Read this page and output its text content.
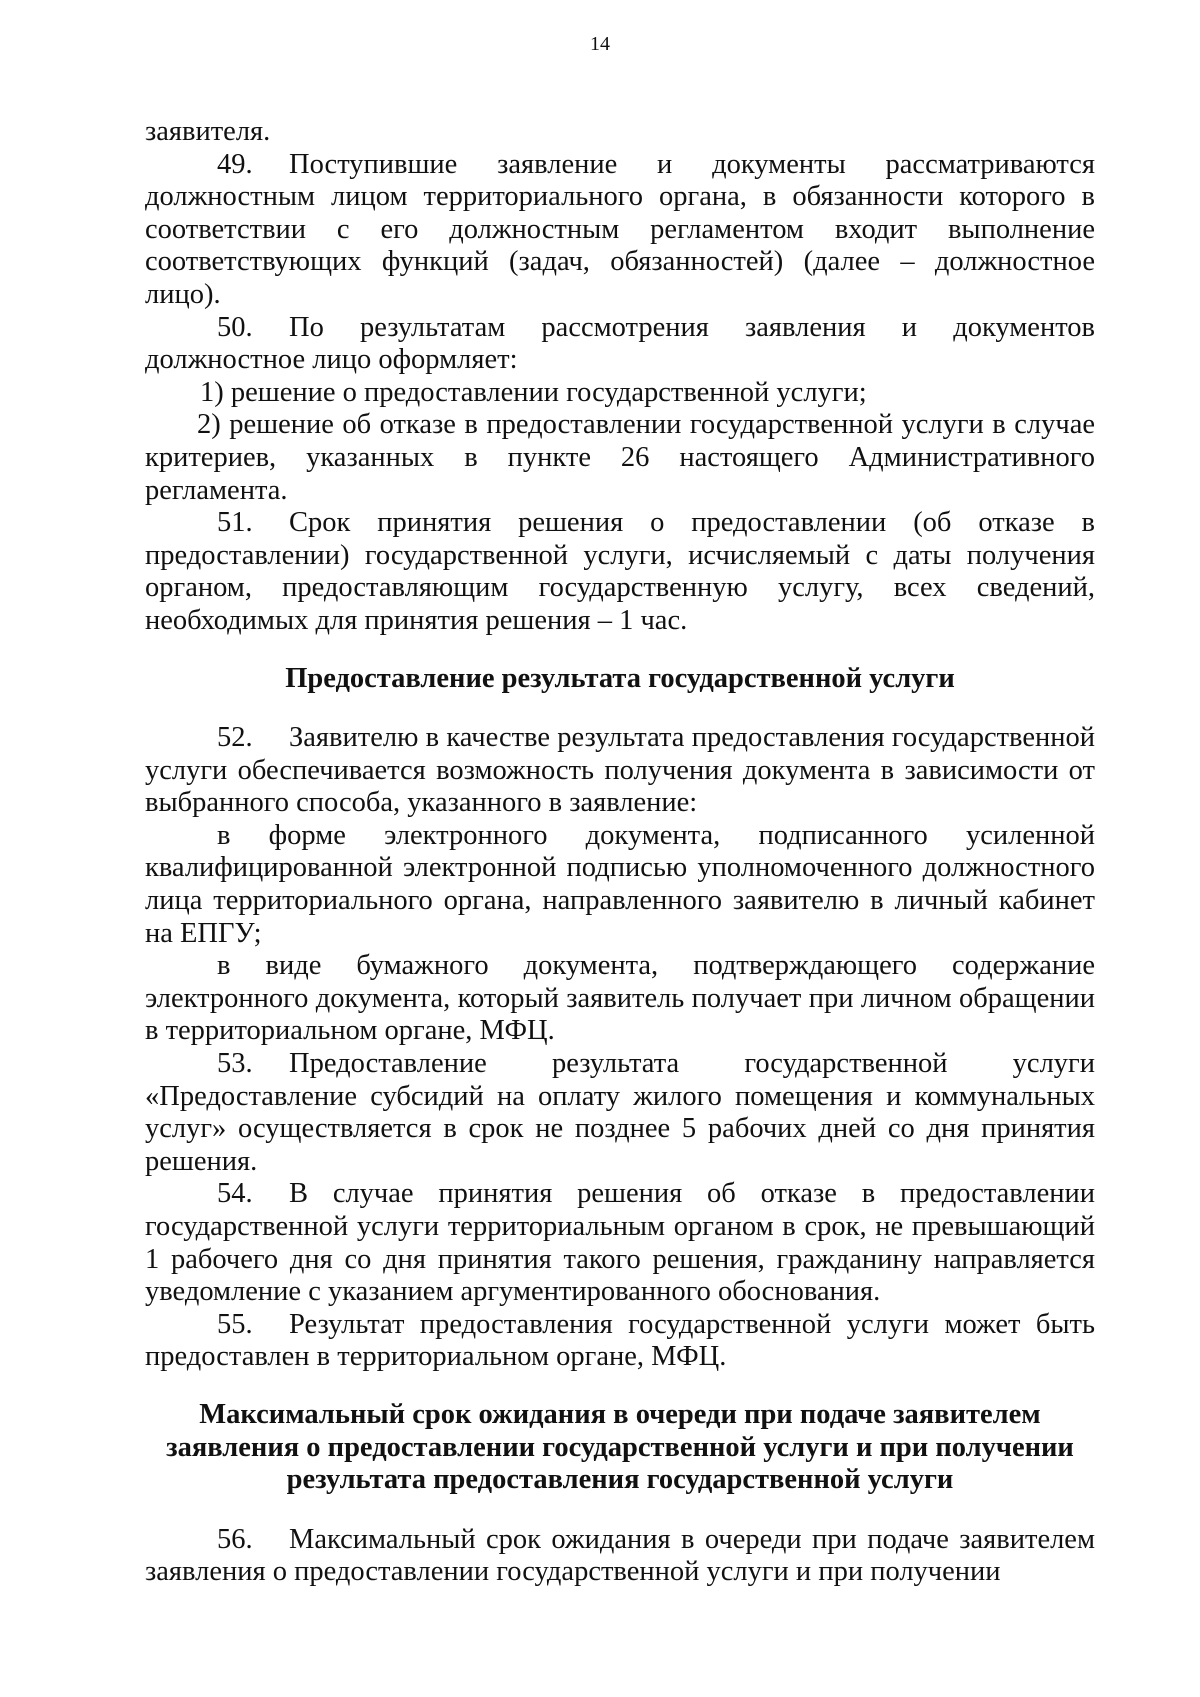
14

заявителя.

49. Поступившие заявление и документы рассматриваются должностным лицом территориального органа, в обязанности которого в соответствии с его должностным регламентом входит выполнение соответствующих функций (задач, обязанностей) (далее – должностное лицо).

50. По результатам рассмотрения заявления и документов должностное лицо оформляет:

1) решение о предоставлении государственной услуги;

2) решение об отказе в предоставлении государственной услуги в случае критериев, указанных в пункте 26 настоящего Административного регламента.

51. Срок принятия решения о предоставлении (об отказе в предоставлении) государственной услуги, исчисляемый с даты получения органом, предоставляющим государственную услугу, всех сведений, необходимых для принятия решения – 1 час.

Предоставление результата государственной услуги

52. Заявителю в качестве результата предоставления государственной услуги обеспечивается возможность получения документа в зависимости от выбранного способа, указанного в заявление:

в форме электронного документа, подписанного усиленной квалифицированной электронной подписью уполномоченного должностного лица территориального органа, направленного заявителю в личный кабинет на ЕПГУ;

в виде бумажного документа, подтверждающего содержание электронного документа, который заявитель получает при личном обращении в территориальном органе, МФЦ.

53. Предоставление результата государственной услуги «Предоставление субсидий на оплату жилого помещения и коммунальных услуг» осуществляется в срок не позднее 5 рабочих дней со дня принятия решения.

54. В случае принятия решения об отказе в предоставлении государственной услуги территориальным органом в срок, не превышающий 1 рабочего дня со дня принятия такого решения, гражданину направляется уведомление с указанием аргументированного обоснования.

55. Результат предоставления государственной услуги может быть предоставлен в территориальном органе, МФЦ.

Максимальный срок ожидания в очереди при подаче заявителем
заявления о предоставлении государственной услуги и при получении
результата предоставления государственной услуги

56. Максимальный срок ожидания в очереди при подаче заявителем заявления о предоставлении государственной услуги и при получении
